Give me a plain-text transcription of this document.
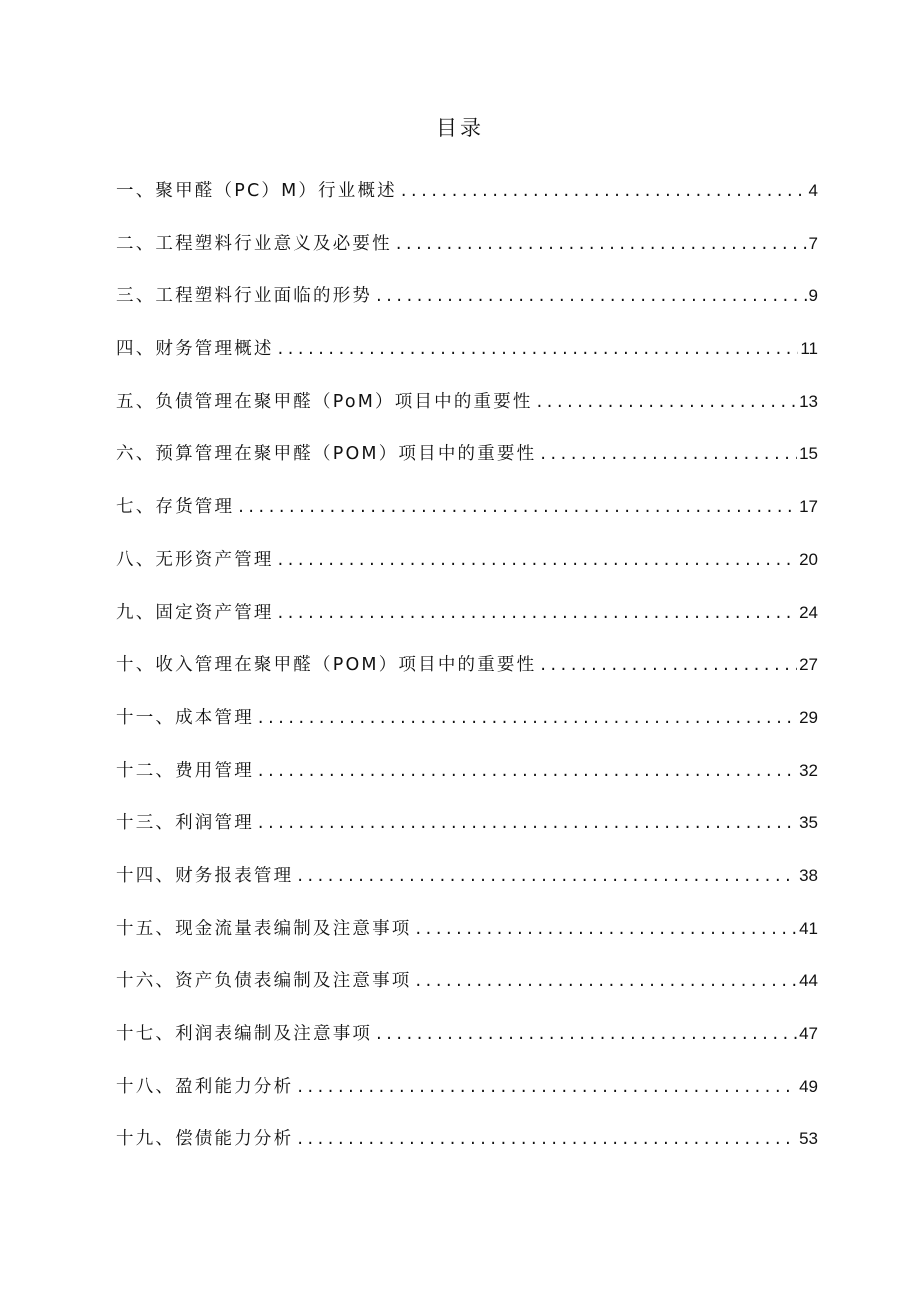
目录
一、聚甲醛（PC）M）行业概述 .....	4
二、工程塑料行业意义及必要性 .....	7
三、工程塑料行业面临的形势 .....	9
四、财务管理概述 .....	11
五、负债管理在聚甲醛（PoM）项目中的重要性 .....	13
六、预算管理在聚甲醛（POM）项目中的重要性 .....	15
七、存货管理 .....	17
八、无形资产管理 .....	20
九、固定资产管理 .....	24
十、收入管理在聚甲醛（POM）项目中的重要性 .....	27
十一、成本管理 .....	29
十二、费用管理 .....	32
十三、利润管理 .....	35
十四、财务报表管理 .....	38
十五、现金流量表编制及注意事项 .....	41
十六、资产负债表编制及注意事项 .....	44
十七、利润表编制及注意事项 .....	47
十八、盈利能力分析 .....	49
十九、偿债能力分析 .....	53
